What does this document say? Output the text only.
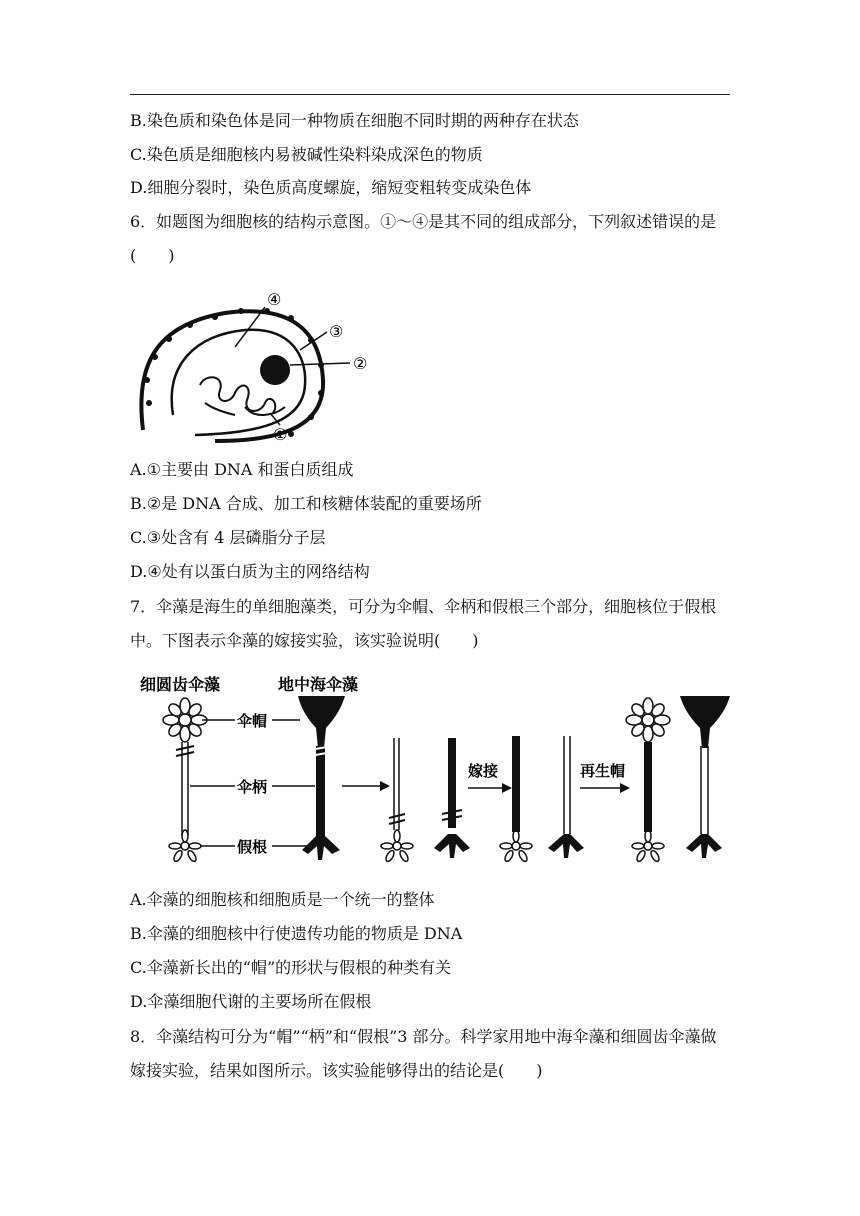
B.染色质和染色体是同一种物质在细胞不同时期的两种存在状态
C.染色质是细胞核内易被碱性染料染成深色的物质
D.细胞分裂时，染色质高度螺旋，缩短变粗转变成染色体
6．如题图为细胞核的结构示意图。①～④是其不同的组成部分，下列叙述错误的是(　　)
④
③
②
①
A.①主要由 DNA 和蛋白质组成
B.②是 DNA 合成、加工和核糖体装配的重要场所
C.③处含有 4 层磷脂分子层
D.④处有以蛋白质为主的网络结构
7．伞藻是海生的单细胞藻类，可分为伞帽、伞柄和假根三个部分，细胞核位于假根中。下图表示伞藻的嫁接实验，该实验说明(　　)
细圆齿伞藻	地中海伞藻
伞帽
伞柄
假根
嫁接	再生帽
A.伞藻的细胞核和细胞质是一个统一的整体
B.伞藻的细胞核中行使遗传功能的物质是 DNA
C.伞藻新长出的“帽”的形状与假根的种类有关
D.伞藻细胞代谢的主要场所在假根
8．伞藻结构可分为“帽”“柄”和“假根”3 部分。科学家用地中海伞藻和细圆齿伞藻做嫁接实验，结果如图所示。该实验能够得出的结论是(　　)
